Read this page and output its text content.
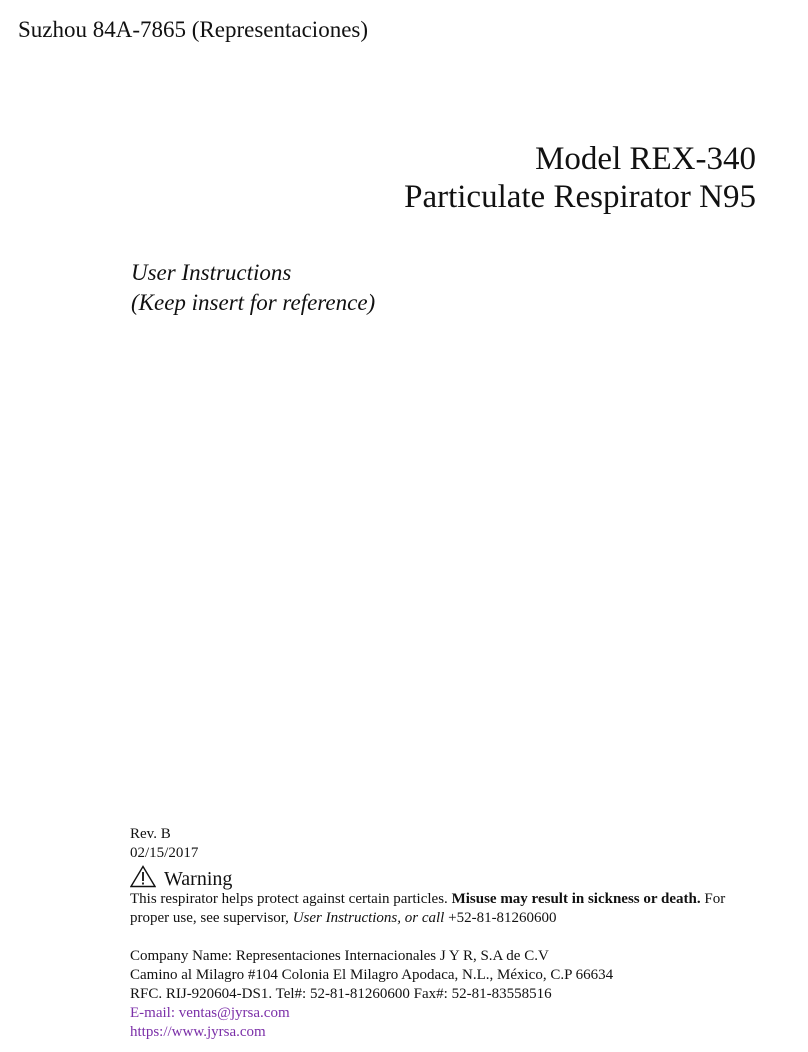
Suzhou 84A-7865 (Representaciones)
Model REX-340
Particulate Respirator N95
User Instructions
(Keep insert for reference)
Rev. B
02/15/2017
Warning
This respirator helps protect against certain particles. Misuse may result in sickness or death. For proper use, see supervisor, User Instructions, or call +52-81-81260600
Company Name: Representaciones Internacionales J Y R, S.A de C.V
Camino al Milagro #104 Colonia El Milagro Apodaca, N.L., México, C.P 66634
RFC. RIJ-920604-DS1. Tel#: 52-81-81260600 Fax#: 52-81-83558516
E-mail: ventas@jyrsa.com
https://www.jyrsa.com
